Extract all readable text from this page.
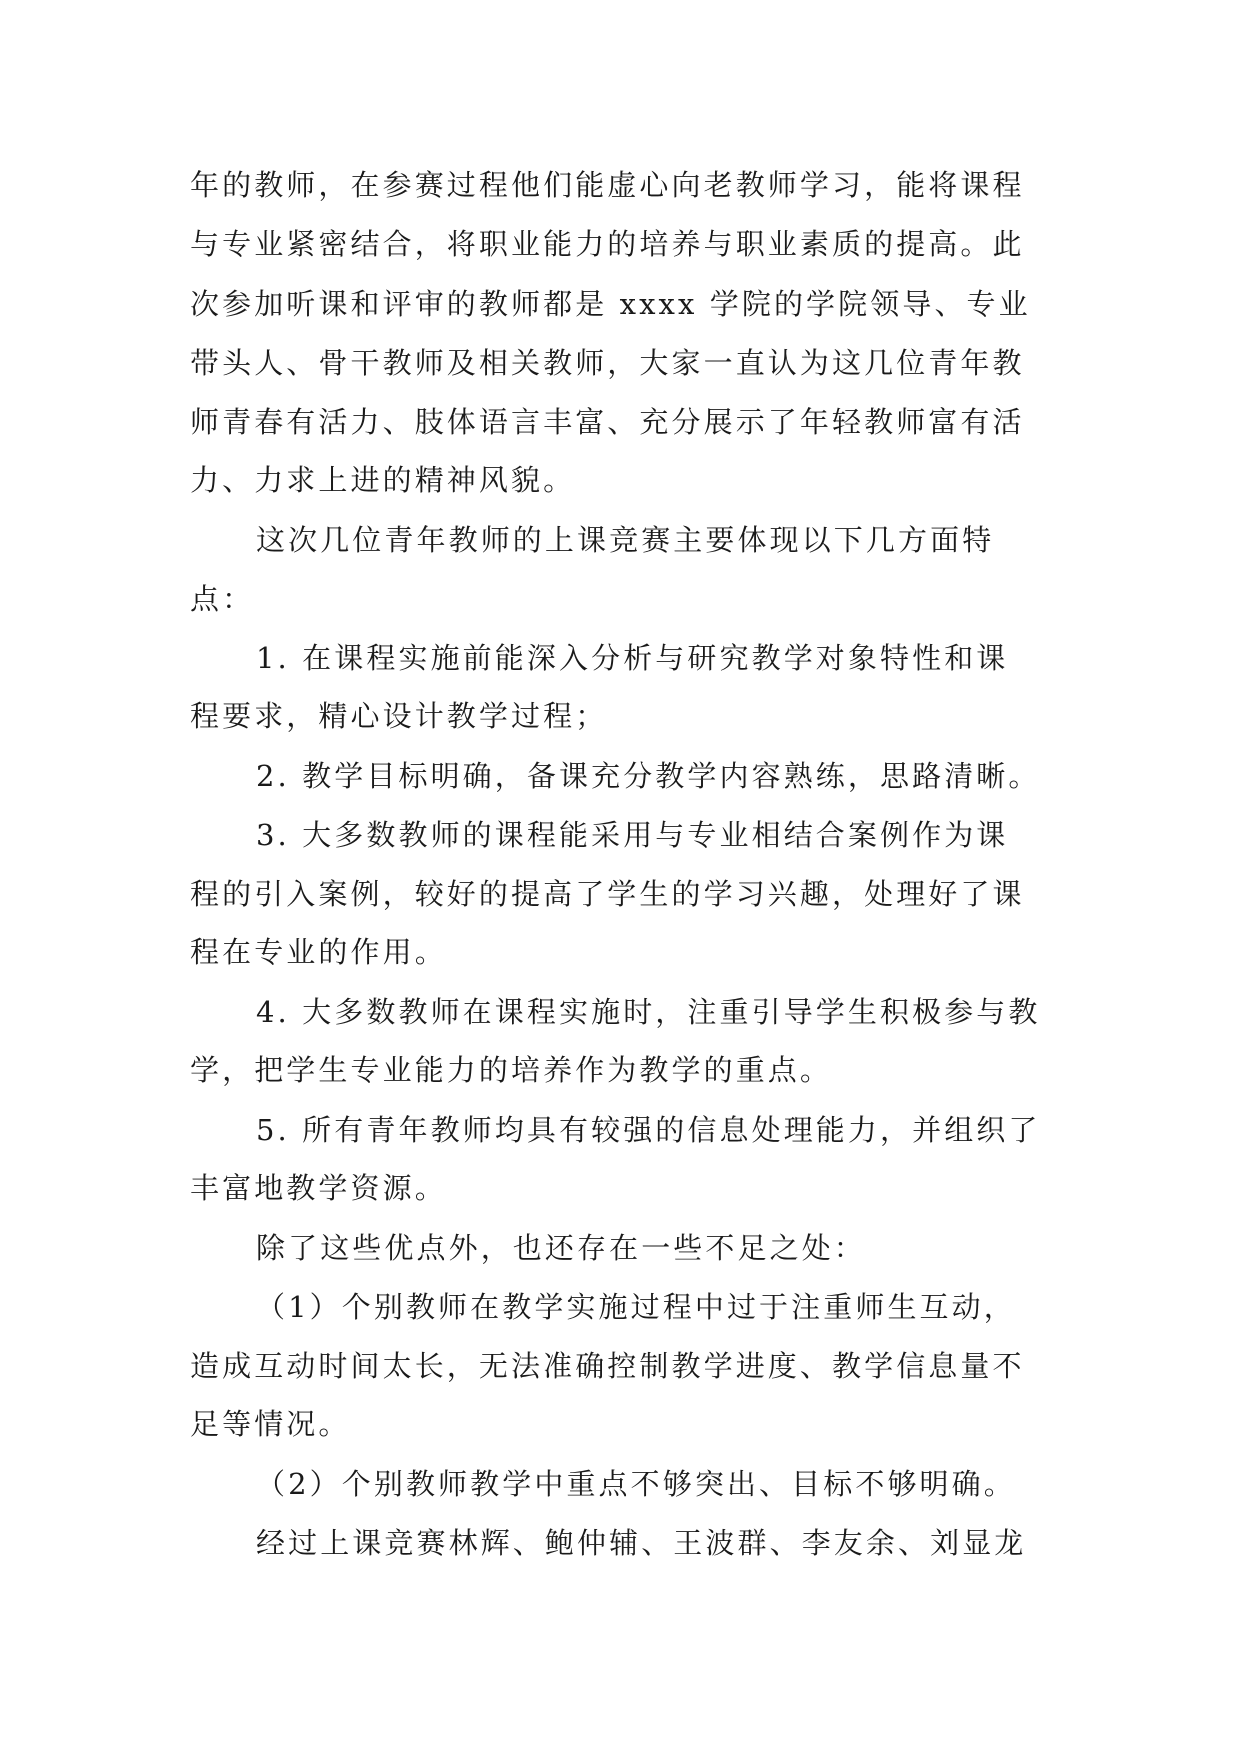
年的教师，在参赛过程他们能虚心向老教师学习，能将课程
与专业紧密结合，将职业能力的培养与职业素质的提高。此
次参加听课和评审的教师都是 xxxx 学院的学院领导、专业
带头人、骨干教师及相关教师，大家一直认为这几位青年教
师青春有活力、肢体语言丰富、充分展示了年轻教师富有活
力、力求上进的精神风貌。
这次几位青年教师的上课竞赛主要体现以下几方面特
点：
1. 在课程实施前能深入分析与研究教学对象特性和课
程要求，精心设计教学过程；
2. 教学目标明确，备课充分教学内容熟练，思路清晰。
3. 大多数教师的课程能采用与专业相结合案例作为课
程的引入案例，较好的提高了学生的学习兴趣，处理好了课
程在专业的作用。
4. 大多数教师在课程实施时，注重引导学生积极参与教
学，把学生专业能力的培养作为教学的重点。
5. 所有青年教师均具有较强的信息处理能力，并组织了
丰富地教学资源。
除了这些优点外，也还存在一些不足之处：
（1）个别教师在教学实施过程中过于注重师生互动，
造成互动时间太长，无法准确控制教学进度、教学信息量不
足等情况。
（2）个别教师教学中重点不够突出、目标不够明确。
经过上课竞赛林辉、鲍仲辅、王波群、李友余、刘显龙
